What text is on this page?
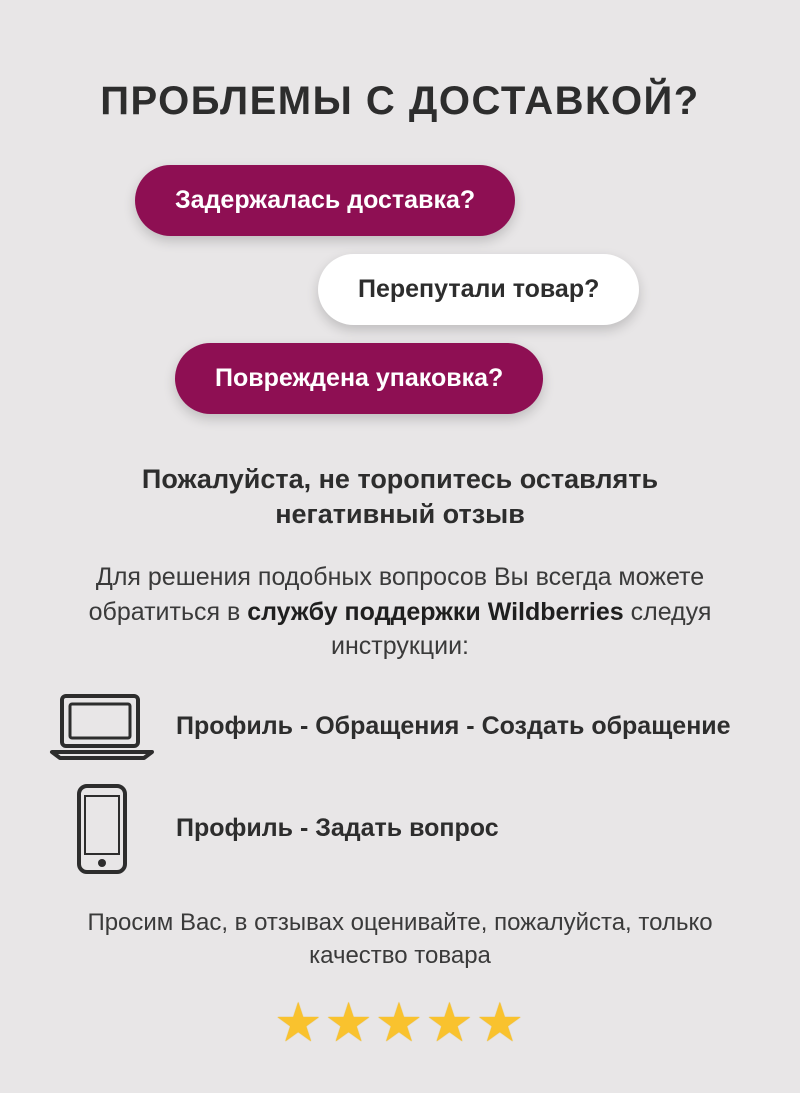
ПРОБЛЕМЫ С ДОСТАВКОЙ?
Задержалась доставка?
Перепутали товар?
Повреждена упаковка?

Пожалуйста, не торопитесь оставлять негативный отзыв

Для решения подобных вопросов Вы всегда можете обратиться в службу поддержки Wildberries следуя инструкции:

Профиль - Обращения - Создать обращение
Профиль - Задать вопрос

Просим Вас, в отзывах оценивайте, пожалуйста, только качество товара

★★★★★
